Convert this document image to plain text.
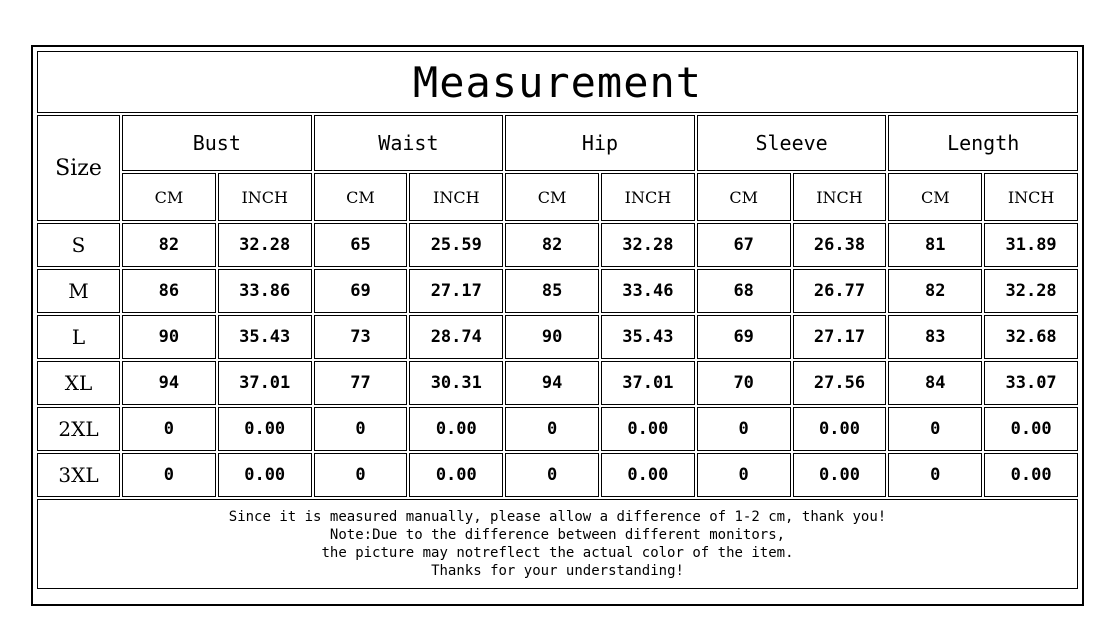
Measurement										
Size	Bust		Waist		Hip		Sleeve		Length	
	CM	INCH	CM	INCH	CM	INCH	CM	INCH	CM	INCH
S	82	32.28	65	25.59	82	32.28	67	26.38	81	31.89
M	86	33.86	69	27.17	85	33.46	68	26.77	82	32.28
L	90	35.43	73	28.74	90	35.43	69	27.17	83	32.68
XL	94	37.01	77	30.31	94	37.01	70	27.56	84	33.07
2XL	0	0.00	0	0.00	0	0.00	0	0.00	0	0.00
3XL	0	0.00	0	0.00	0	0.00	0	0.00	0	0.00

Since it is measured manually, please allow a difference of 1-2 cm, thank you!
Note:Due to the difference between different monitors,
the picture may notreflect the actual color of the item.
Thanks for your understanding!										
